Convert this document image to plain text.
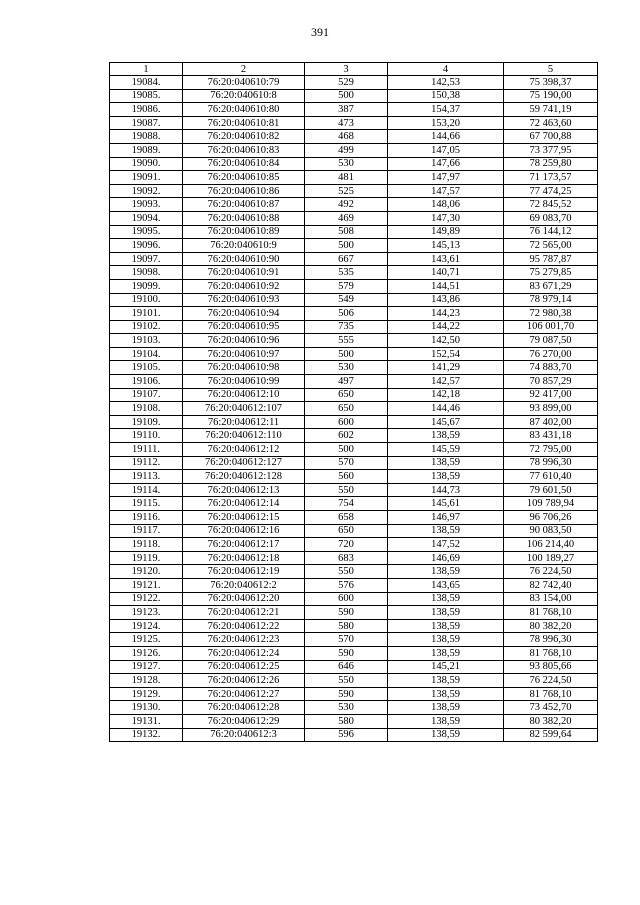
391
1	2	3	4	5
19084.	76:20:040610:79	529	142,53	75 398,37
19085.	76:20:040610:8	500	150,38	75 190,00
19086.	76:20:040610:80	387	154,37	59 741,19
19087.	76:20:040610:81	473	153,20	72 463,60
19088.	76:20:040610:82	468	144,66	67 700,88
19089.	76:20:040610:83	499	147,05	73 377,95
19090.	76:20:040610:84	530	147,66	78 259,80
19091.	76:20:040610:85	481	147,97	71 173,57
19092.	76:20:040610:86	525	147,57	77 474,25
19093.	76:20:040610:87	492	148,06	72 845,52
19094.	76:20:040610:88	469	147,30	69 083,70
19095.	76:20:040610:89	508	149,89	76 144,12
19096.	76:20:040610:9	500	145,13	72 565,00
19097.	76:20:040610:90	667	143,61	95 787,87
19098.	76:20:040610:91	535	140,71	75 279,85
19099.	76:20:040610:92	579	144,51	83 671,29
19100.	76:20:040610:93	549	143,86	78 979,14
19101.	76:20:040610:94	506	144,23	72 980,38
19102.	76:20:040610:95	735	144,22	106 001,70
19103.	76:20:040610:96	555	142,50	79 087,50
19104.	76:20:040610:97	500	152,54	76 270,00
19105.	76:20:040610:98	530	141,29	74 883,70
19106.	76:20:040610:99	497	142,57	70 857,29
19107.	76:20:040612:10	650	142,18	92 417,00
19108.	76:20:040612:107	650	144,46	93 899,00
19109.	76:20:040612:11	600	145,67	87 402,00
19110.	76:20:040612:110	602	138,59	83 431,18
19111.	76:20:040612:12	500	145,59	72 795,00
19112.	76:20:040612:127	570	138,59	78 996,30
19113.	76:20:040612:128	560	138,59	77 610,40
19114.	76:20:040612:13	550	144,73	79 601,50
19115.	76:20:040612:14	754	145,61	109 789,94
19116.	76:20:040612:15	658	146,97	96 706,26
19117.	76:20:040612:16	650	138,59	90 083,50
19118.	76:20:040612:17	720	147,52	106 214,40
19119.	76:20:040612:18	683	146,69	100 189,27
19120.	76:20:040612:19	550	138,59	76 224,50
19121.	76:20:040612:2	576	143,65	82 742,40
19122.	76:20:040612:20	600	138,59	83 154,00
19123.	76:20:040612:21	590	138,59	81 768,10
19124.	76:20:040612:22	580	138,59	80 382,20
19125.	76:20:040612:23	570	138,59	78 996,30
19126.	76:20:040612:24	590	138,59	81 768,10
19127.	76:20:040612:25	646	145,21	93 805,66
19128.	76:20:040612:26	550	138,59	76 224,50
19129.	76:20:040612:27	590	138,59	81 768,10
19130.	76:20:040612:28	530	138,59	73 452,70
19131.	76:20:040612:29	580	138,59	80 382,20
19132.	76:20:040612:3	596	138,59	82 599,64
